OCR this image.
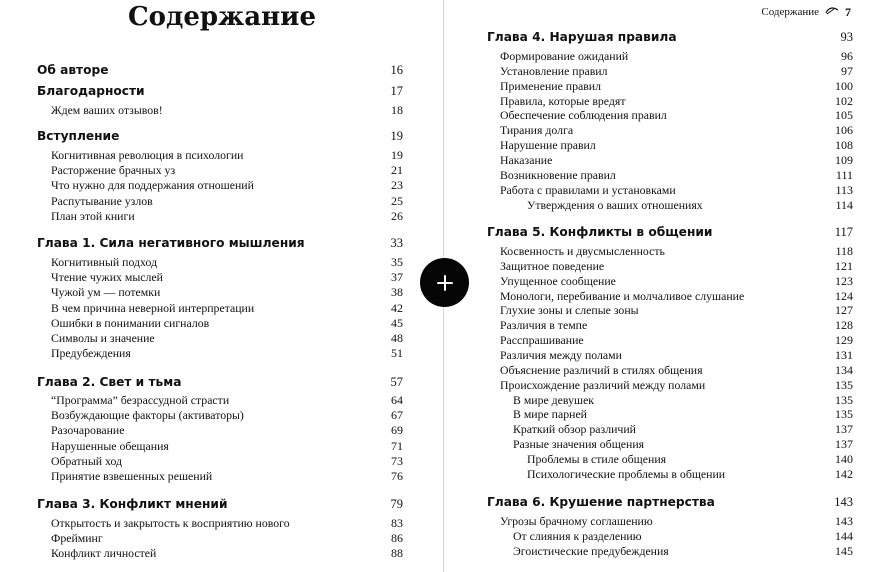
Содержание
Об авторе	16
Благодарности	17
Ждем ваших отзывов!	18
Вступление	19
Когнитивная революция в психологии	19
Расторжение брачных уз	21
Что нужно для поддержания отношений	23
Распутывание узлов	25
План этой книги	26
Глава 1. Сила негативного мышления	33
Когнитивный подход	35
Чтение чужих мыслей	37
Чужой ум — потемки	38
В чем причина неверной интерпретации	42
Ошибки в понимании сигналов	45
Символы и значение	48
Предубеждения	51
Глава 2. Свет и тьма	57
“Программа” безрассудной страсти	64
Возбуждающие факторы (активаторы)	67
Разочарование	69
Нарушенные обещания	71
Обратный ход	73
Принятие взвешенных решений	76
Глава 3. Конфликт мнений	79
Открытость и закрытость к восприятию нового	83
Фрейминг	86
Конфликт личностей	88
Содержание 7
Глава 4. Нарушая правила	93
Формирование ожиданий	96
Установление правил	97
Применение правил	100
Правила, которые вредят	102
Обеспечение соблюдения правил	105
Тирания долга	106
Нарушение правил	108
Наказание	109
Возникновение правил	111
Работа с правилами и установками	113
Утверждения о ваших отношениях	114
Глава 5. Конфликты в общении	117
Косвенность и двусмысленность	118
Защитное поведение	121
Упущенное сообщение	123
Монологи, перебивание и молчаливое слушание	124
Глухие зоны и слепые зоны	127
Различия в темпе	128
Расспрашивание	129
Различия между полами	131
Объяснение различий в стилях общения	134
Происхождение различий между полами	135
В мире девушек	135
В мире парней	135
Краткий обзор различий	137
Разные значения общения	137
Проблемы в стиле общения	140
Психологические проблемы в общении	142
Глава 6. Крушение партнерства	143
Угрозы брачному соглашению	143
От слияния к разделению	144
Эгоистические предубеждения	145
